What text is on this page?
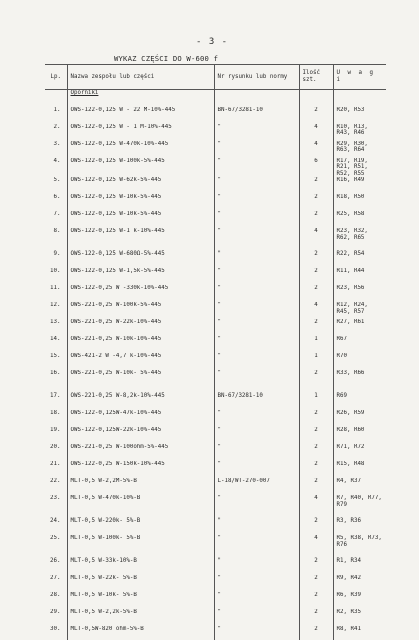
- 3 -
WYKAZ CZĘŚCI DO W-600 f
Lp.	Nazwa zespołu lub części	Nr rysunku lub normy	Ilość szt.	U w a g i
	Oporniki			
1.	OWS-122-0,125 W - 22 M-10%-445	BN-67/3281-10	2	R20, R53
2.	OWS-122-0,125 W - 1 M-10%-445	"	4	R10, R13, R43, R46
3.	OWS-122-0,125 W-470k-10%-445	"	4	R29, R30, R63, R64
4.	OWS-122-0,125 W-100k-5%-445	"	6	R17, R19, R21, R51, R52, R55
5.	OWS-122-0,125 W-62k-5%-445	"	2	R16, R49
6.	OWS-122-0,125 W-10k-5%-445	"	2	R18, R50
7.	OWS-122-0,125 W-10k-5%-445	"	2	R25, R58
8.	OWS-122-0,125 W-1 k-10%-445	"	4	R23, R32, R62, R65
9.	OWS-122-0,125 W-680Ω-5%-445	"	2	R22, R54
10.	OWS-122-0,125 W-1,5k-5%-445	"	2	R11, R44
11.	OWS-122-0,25 W -330k-10%-445	"	2	R23, R56
12.	OWS-221-0,25 W-100k-5%-445	"	4	R12, R24, R45, R57
13.	OWS-221-0,25 W-22k-10%-445	"	2	R27, R61
14.	OWS-221-0,25 W-10k-10%-445	"	1	R67
15.	OWS-421-2 W -4,7 k-10%-445	"	1	R70
16.	OWS-221-0,25 W-10k- 5%-445	"	2	R33, R66
17.	OWS-221-0,25 W-8,2k-10%-445	BN-67/3281-10	1	R69
18.	OWS-122-0,125W-47k-10%-445	"	2	R26, R59
19.	OWS-122-0,125W-22k-10%-445	"	2	R28, R60
20.	OWS-221-0,25 W-100ohm-5%-445	"	2	R71, R72
21.	OWS-122-0,25 W-150k-10%-445	"	2	R15, R48
22.	MLT-0,5 W-2,2M-5%-B	L-18/WT-270-007	2	R4, R37
23.	MLT-0,5 W-470k-10%-B	"	4	R7, R40, R77, R79
24.	MLT-0,5 W-220k- 5%-B	"	2	R3, R36
25.	MLT-0,5 W-100k- 5%-B	"	4	R5, R38, R73, R76
26.	MLT-0,5 W-33k-10%-B	"	2	R1, R34
27.	MLT-0,5 W-22k- 5%-B	"	2	R9, R42
28.	MLT-0,5 W-10k- 5%-B	"	2	R6, R39
29.	MLT-0,5 W-2,2k-5%-B	"	2	R2, R35
30.	MLT-0,5W-820 ohm-5%-B	"	2	R8, R41
